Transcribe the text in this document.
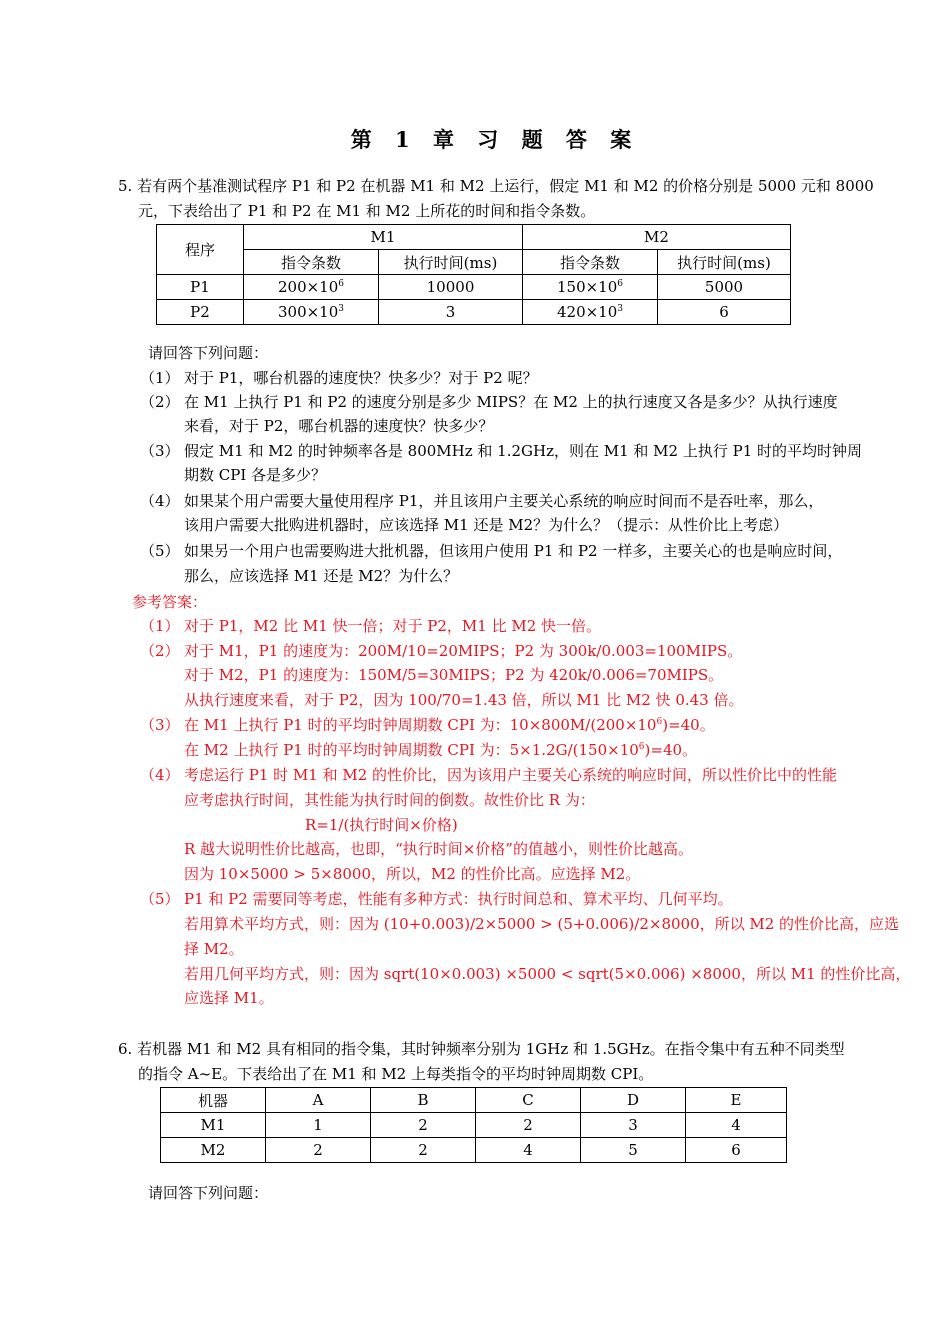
第 1 章 习 题 答 案
5. 若有两个基准测试程序 P1 和 P2 在机器 M1 和 M2 上运行，假定 M1 和 M2 的价格分别是 5000 元和 8000
元，下表给出了 P1 和 P2 在 M1 和 M2 上所花的时间和指令条数。
程序	M1		M2	
	指令条数	执行时间(ms)	指令条数	执行时间(ms)
P1	$200\times 10^6$	10000	$150\times 10^6$	5000
P2	$300\times 10^3$	3	$420\times 10^3$	6
请回答下列问题：
（1） 对于 P1，哪台机器的速度快？快多少？对于 P2 呢？
（2） 在 M1 上执行 P1 和 P2 的速度分别是多少 MIPS？在 M2 上的执行速度又各是多少？从执行速度
来看，对于 P2，哪台机器的速度快？快多少？
（3） 假定 M1 和 M2 的时钟频率各是 800MHz 和 1.2GHz，则在 M1 和 M2 上执行 P1 时的平均时钟周
期数 CPI 各是多少？
（4） 如果某个用户需要大量使用程序 P1，并且该用户主要关心系统的响应时间而不是吞吐率，那么，
该用户需要大批购进机器时，应该选择 M1 还是 M2？为什么？（提示：从性价比上考虑）
（5） 如果另一个用户也需要购进大批机器，但该用户使用 P1 和 P2 一样多，主要关心的也是响应时间，
那么，应该选择 M1 还是 M2？为什么？
参考答案：
（1） 对于 P1，M2 比 M1 快一倍；对于 P2，M1 比 M2 快一倍。
（2） 对于 M1，P1 的速度为：200M/10=20MIPS；P2 为 300k/0.003=100MIPS。
对于 M2，P1 的速度为：150M/5=30MIPS；P2 为 420k/0.006=70MIPS。
从执行速度来看，对于 P2，因为 100/70=1.43 倍，所以 M1 比 M2 快 0.43 倍。
（3） 在 M1 上执行 P1 时的平均时钟周期数 CPI 为：$10\times 800M/(200\times 10^6)=40$。
在 M2 上执行 P1 时的平均时钟周期数 CPI 为：$5\times 1.2G/(150\times 10^6)=40$。
（4） 考虑运行 P1 时 M1 和 M2 的性价比，因为该用户主要关心系统的响应时间，所以性价比中的性能
应考虑执行时间，其性能为执行时间的倒数。故性价比 R 为：
R=1/(执行时间×价格)
R 越大说明性价比越高，也即，“执行时间×价格”的值越小，则性价比越高。
因为 10×5000 > 5×8000，所以，M2 的性价比高。应选择 M2。
（5） P1 和 P2 需要同等考虑，性能有多种方式：执行时间总和、算术平均、几何平均。
若用算术平均方式，则：因为 (10+0.003)/2×5000 > (5+0.006)/2×8000，所以 M2 的性价比高，应选
择 M2。
若用几何平均方式，则：因为 sqrt(10×0.003) ×5000 < sqrt(5×0.006) ×8000，所以 M1 的性价比高，
应选择 M1。
6. 若机器 M1 和 M2 具有相同的指令集，其时钟频率分别为 1GHz 和 1.5GHz。在指令集中有五种不同类型
的指令 A~E。下表给出了在 M1 和 M2 上每类指令的平均时钟周期数 CPI。
机器	A	B	C	D	E
M1	1	2	2	3	4
M2	2	2	4	5	6
请回答下列问题：
